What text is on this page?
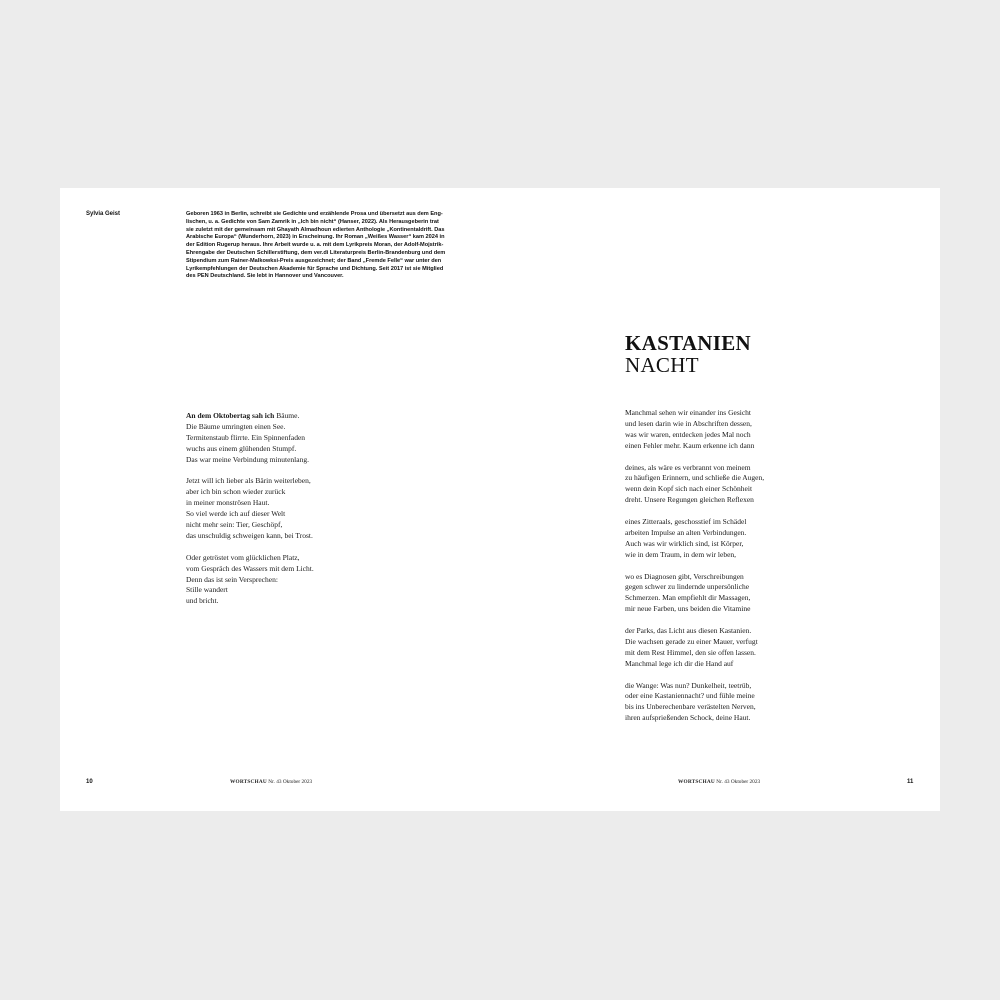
Sylvia Geist	Geboren 1963 in Berlin, schreibt sie Gedichte und erzählende Prosa und übersetzt aus dem Eng-
lischen, u. a. Gedichte von Sam Zamrik in „Ich bin nicht“ (Hanser, 2022). Als Herausgeberin trat
sie zuletzt mit der gemeinsam mit Ghayath Almadhoun edierten Anthologie „Kontinentaldrift. Das
Arabische Europa“ (Wunderhorn, 2023) in Erscheinung. Ihr Roman „Weißes Wasser“ kam 2024 in
der Edition Rugerup heraus. Ihre Arbeit wurde u. a. mit dem Lyrikpreis Moran, der Adolf-Mojstrik-
Ehrengabe der Deutschen Schillerstiftung, dem ver.di Literaturpreis Berlin-Brandenburg und dem
Stipendium zum Rainer-Malkowksi-Preis ausgezeichnet; der Band „Fremde Felle“ war unter den
Lyrikempfehlungen der Deutschen Akademie für Sprache und Dichtung. Seit 2017 ist sie Mitglied
des PEN Deutschland. Sie lebt in Hannover und Vancouver.
An dem Oktobertag sah ich Bäume.
Die Bäume umringten einen See.
Termitenstaub flirrte. Ein Spinnenfaden
wuchs aus einem glühenden Stumpf.
Das war meine Verbindung minutenlang.
Jetzt will ich lieber als Bärin weiterleben,
aber ich bin schon wieder zurück
in meiner monströsen Haut.
So viel werde ich auf dieser Welt
nicht mehr sein: Tier, Geschöpf,
das unschuldig schweigen kann, bei Trost.
Oder getröstet vom glücklichen Platz,
vom Gespräch des Wassers mit dem Licht.
Denn das ist sein Versprechen:
Stille wandert
und bricht.
10	WORTSCHAU Nr. 43 Oktober 2023
KASTANIEN
NACHT
Manchmal sehen wir einander ins Gesicht
und lesen darin wie in Abschriften dessen,
was wir waren, entdecken jedes Mal noch
einen Fehler mehr. Kaum erkenne ich dann
deines, als wäre es verbrannt von meinem
zu häufigen Erinnern, und schließe die Augen,
wenn dein Kopf sich nach einer Schönheit
dreht. Unsere Regungen gleichen Reflexen
eines Zitteraals, geschosstief im Schädel
arbeiten Impulse an alten Verbindungen.
Auch was wir wirklich sind, ist Körper,
wie in dem Traum, in dem wir leben,
wo es Diagnosen gibt, Verschreibungen
gegen schwer zu lindernde unpersönliche
Schmerzen. Man empfiehlt dir Massagen,
mir neue Farben, uns beiden die Vitamine
der Parks, das Licht aus diesen Kastanien.
Die wachsen gerade zu einer Mauer, verfugt
mit dem Rest Himmel, den sie offen lassen.
Manchmal lege ich dir die Hand auf
die Wange: Was nun? Dunkelheit, teetrüb,
oder eine Kastaniennacht? und fühle meine
bis ins Unberechenbare verästelten Nerven,
ihren aufsprießenden Schock, deine Haut.
WORTSCHAU Nr. 43 Oktober 2023	11
